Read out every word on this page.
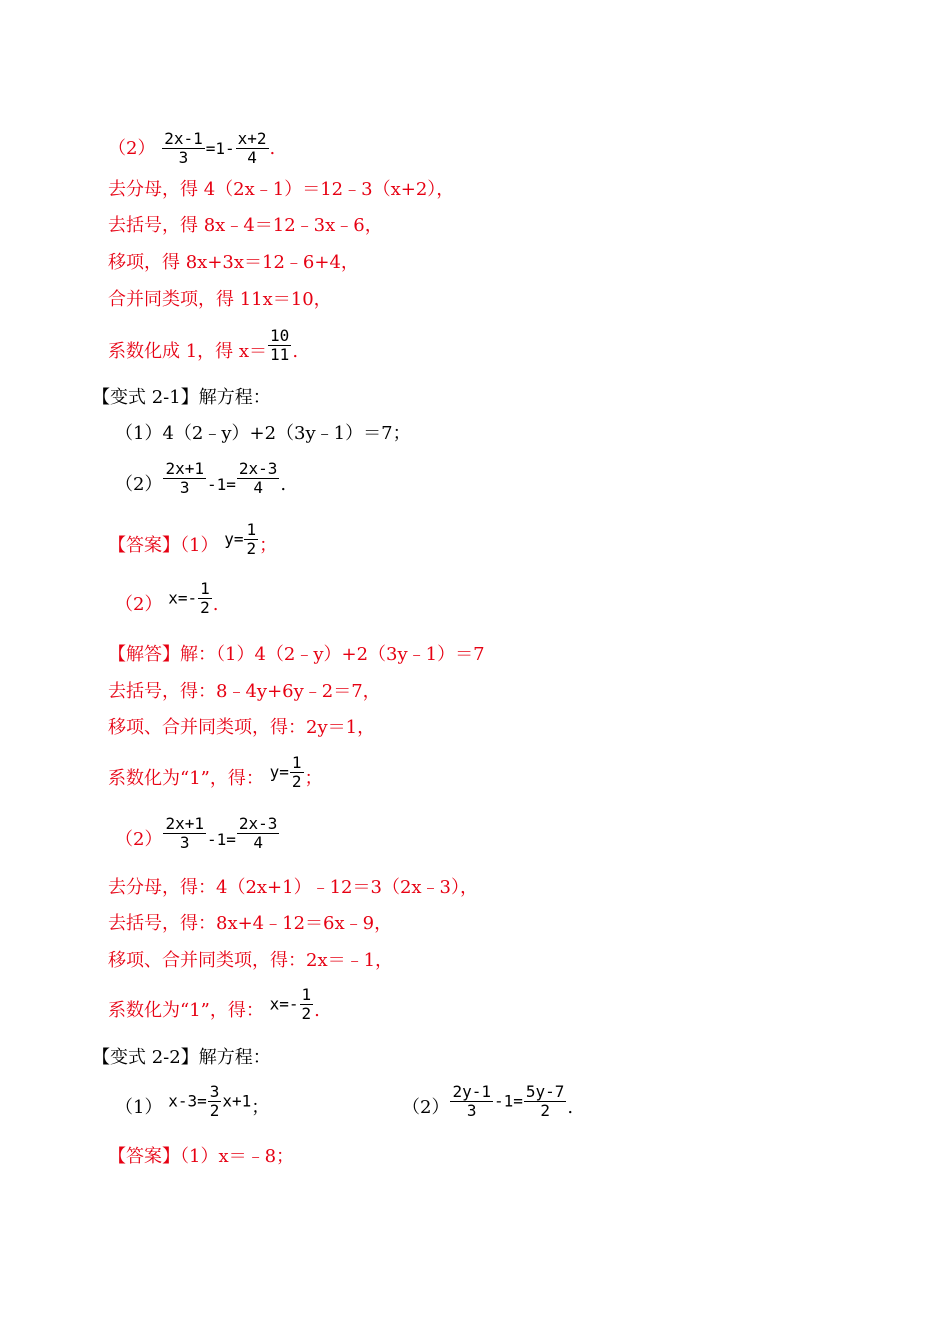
$(2) \frac{2x-1}{3} =1- \frac{x+2}{4}$ .
去分母，得 4（2x﹣1）＝12﹣3（x+2），
去括号，得 8x﹣4＝12﹣3x﹣6，
移项，得 8x+3x＝12﹣6+4，
合并同类项，得 11x＝10，
系数化成 1，得 $x= \frac{10}{11}$ .
【变式 2-1】解方程：
（1）4（2﹣y）+2（3y﹣1）＝7；
$(2) \frac{2x+1}{3} -1= \frac{2x-3}{4}$ .
【答案】（1） $y= \frac{1}{2}$ ；
（2） $x=- \frac{1}{2}$ .
【解答】解：（1）4（2﹣y）+2（3y﹣1）＝7
去括号，得：8﹣4y+6y﹣2＝7，
移项、合并同类项，得：2y＝1，
系数化为“1”，得： $y= \frac{1}{2}$ ；
$(2) \frac{2x+1}{3} -1= \frac{2x-3}{4}$
去分母，得：4（2x+1）﹣12＝3（2x﹣3），
去括号，得：8x+4﹣12＝6x﹣9，
移项、合并同类项，得：2x＝﹣1，
系数化为“1”，得： $x=- \frac{1}{2}$ .
【变式 2-2】解方程：
（1） $x-3= \frac{3}{2} x+1$；	$(2) \frac{2y-1}{3} -1= \frac{5y-7}{2}$ .
【答案】（1）x＝﹣8；
